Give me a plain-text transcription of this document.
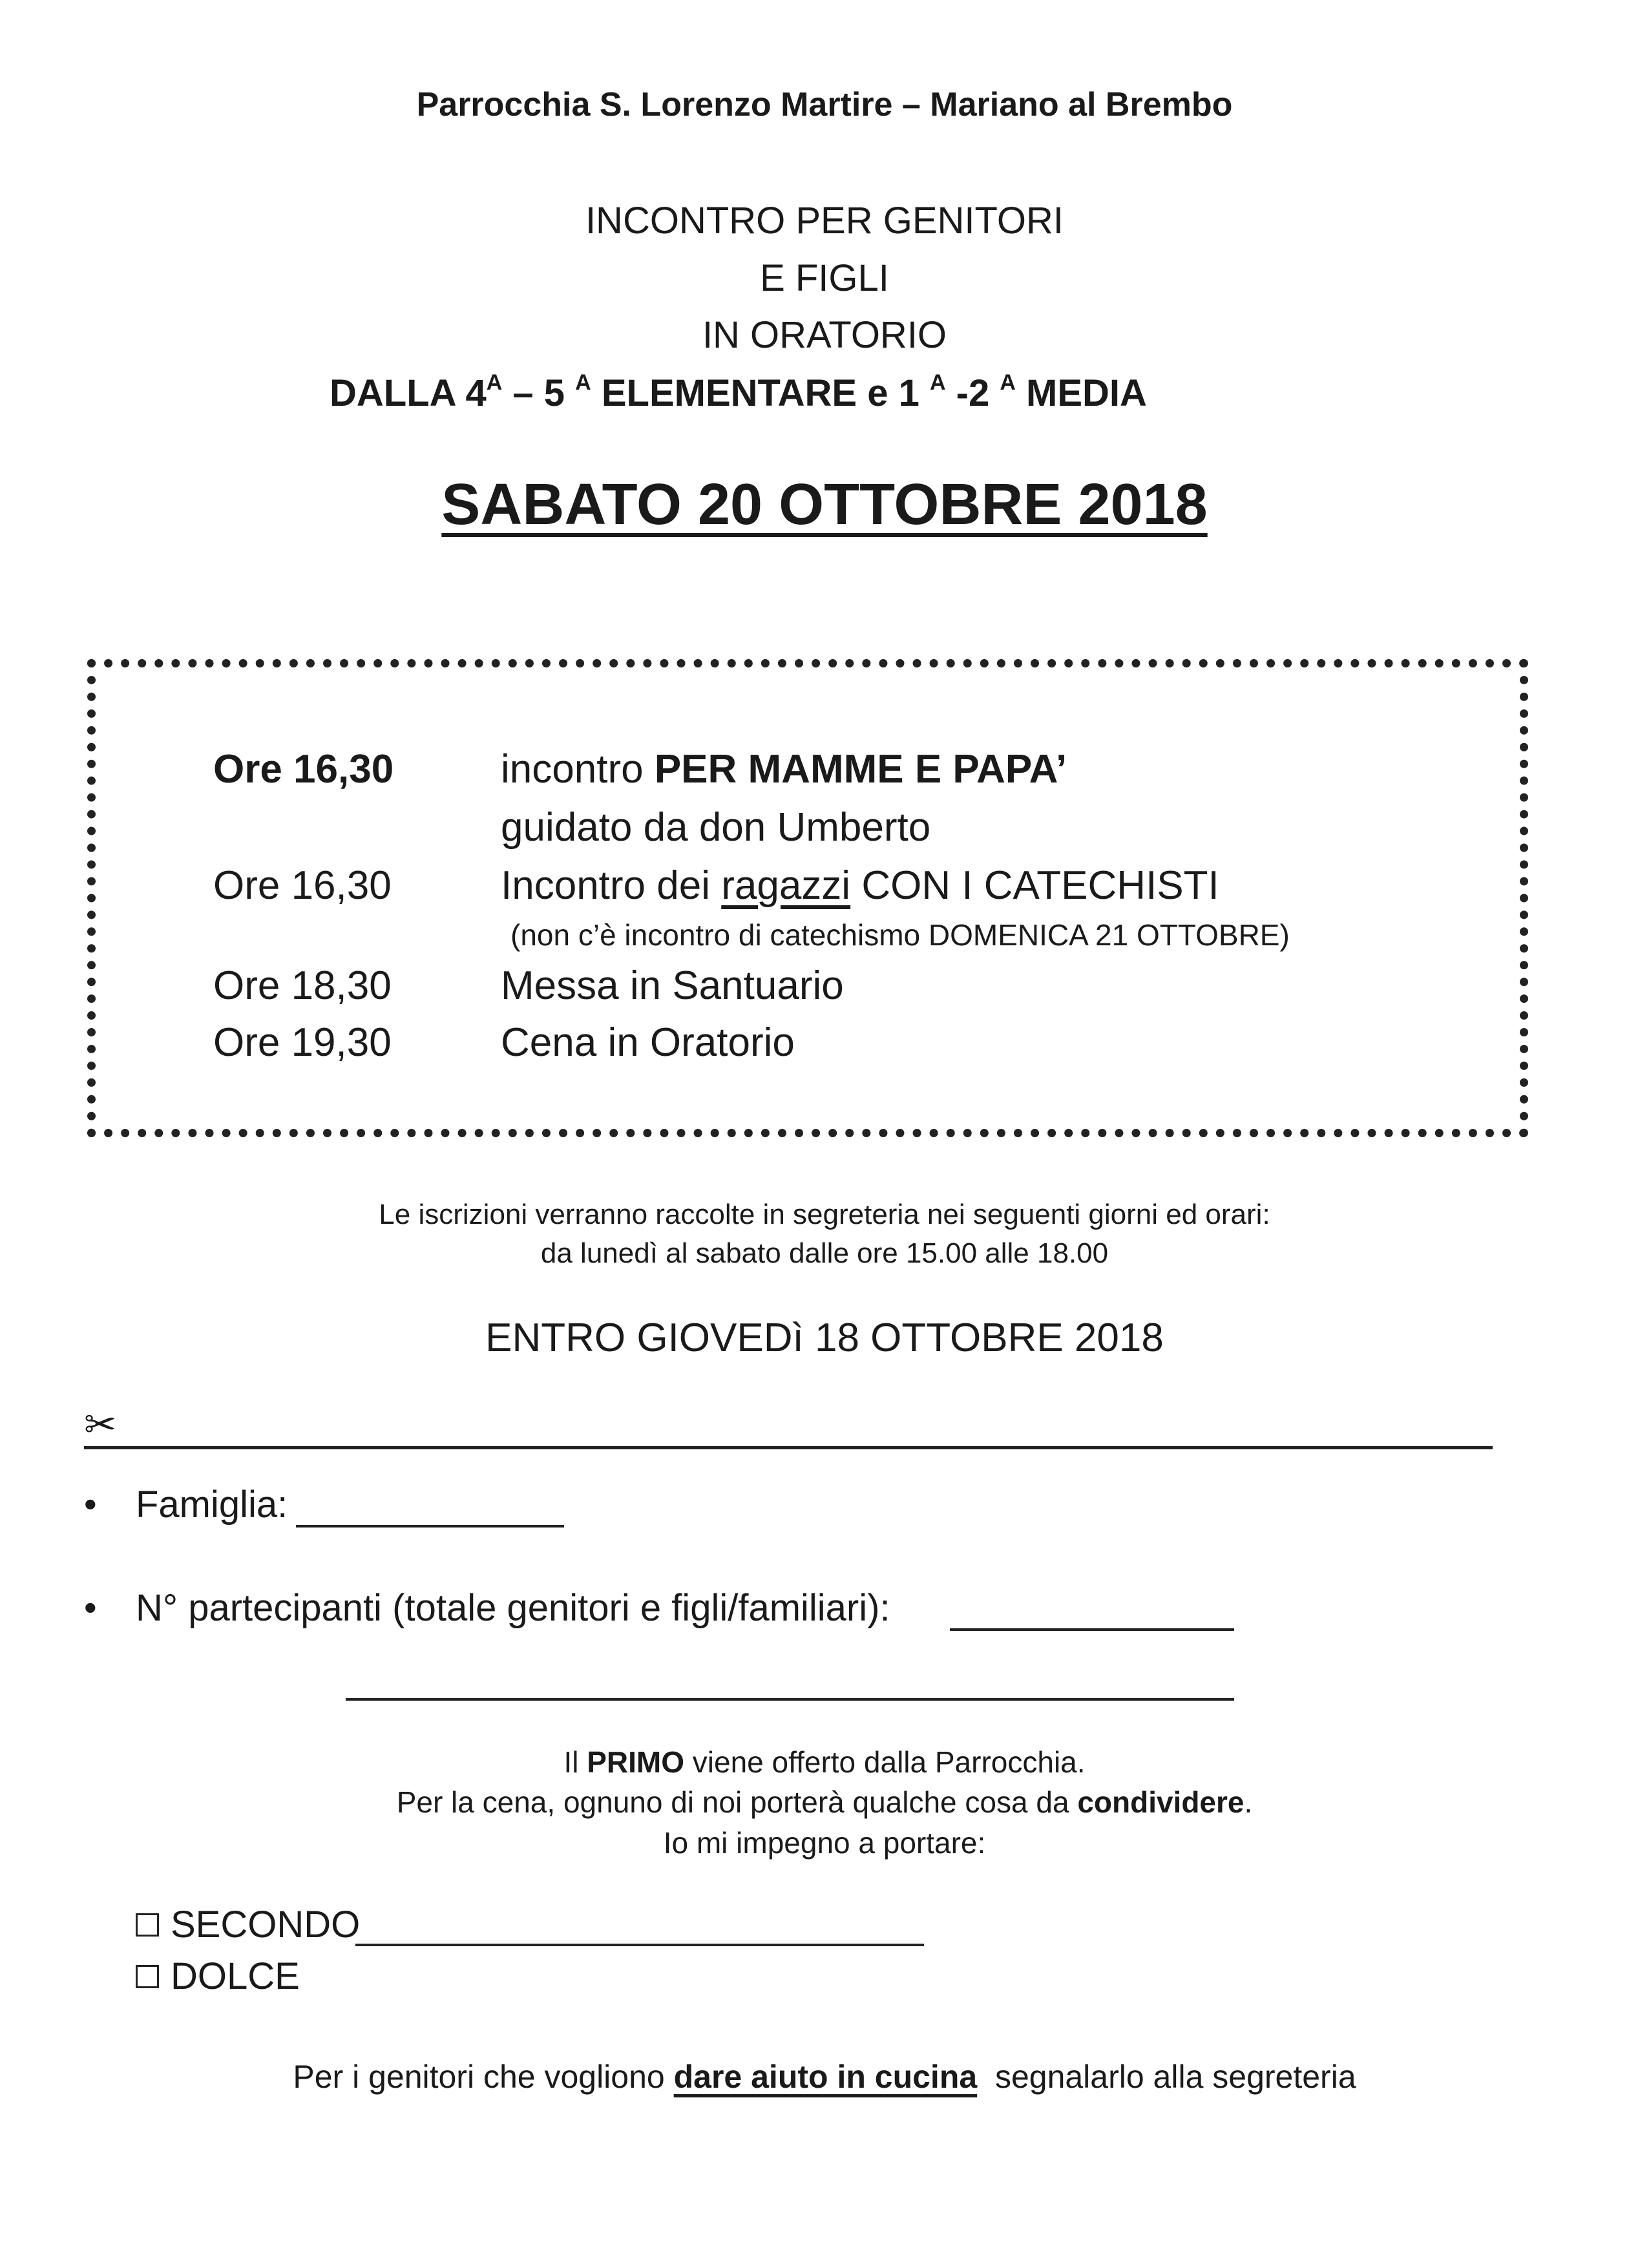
Parrocchia S. Lorenzo Martire – Mariano al Brembo
INCONTRO PER GENITORI
E FIGLI
IN ORATORIO
DALLA $4^A - 5$ $^A$ ELEMENTARE e 1 $^A$ -2 $^A$ MEDIA
SABATO 20 OTTOBRE 2018
Ore 16,30	incontro PER MAMME E PAPA’
guidato da don Umberto
Ore 16,30	Incontro dei ragazzi CON I CATECHISTI
(non c’è incontro di catechismo DOMENICA 21 OTTOBRE)
Ore 18,30	Messa in Santuario
Ore 19,30	Cena in Oratorio
Le iscrizioni verranno raccolte in segreteria nei seguenti giorni ed orari:
da lunedì al sabato dalle ore 15.00 alle 18.00
ENTRO GIOVEDì 18 OTTOBRE 2018
✂
• Famiglia:
• N° partecipanti (totale genitori e figli/familiari):
Il PRIMO viene offerto dalla Parrocchia.
Per la cena, ognuno di noi porterà qualche cosa da condividere.
Io mi impegno a portare:
SECONDO
DOLCE
Per i genitori che vogliono dare aiuto in cucina  segnalarlo alla segreteria
